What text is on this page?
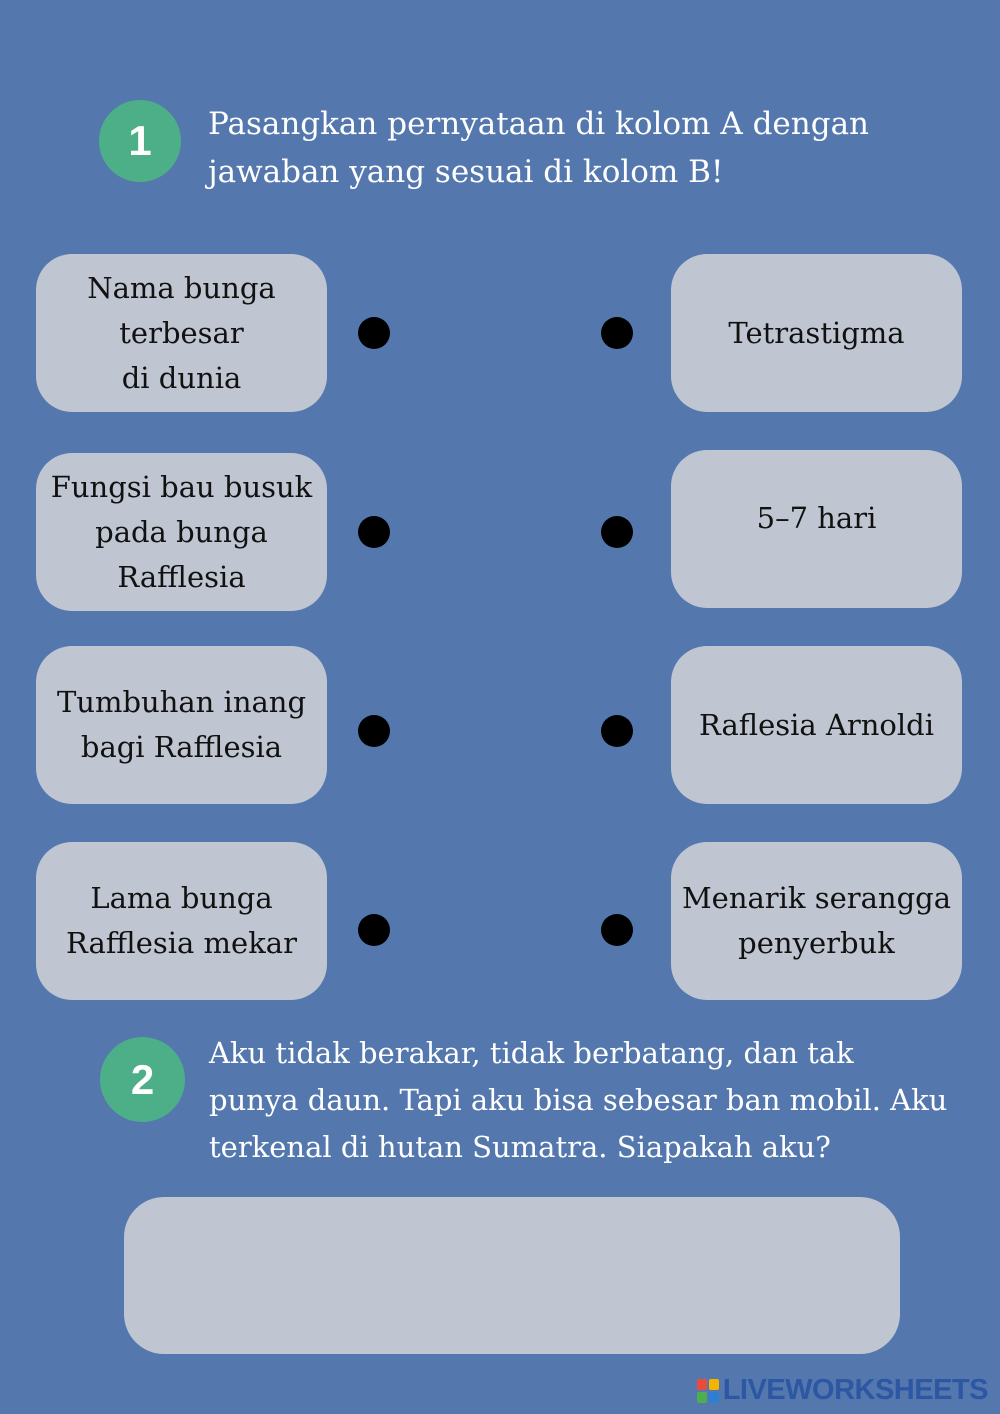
1 Pasangkan pernyataan di kolom A dengan
jawaban yang sesuai di kolom B!
Nama bunga
terbesar
di dunia
Fungsi bau busuk
pada bunga
Rafflesia
Tumbuhan inang
bagi Rafflesia
Lama bunga
Rafflesia mekar
Tetrastigma
5–7 hari
Raflesia Arnoldi
Menarik serangga
penyerbuk
2
Aku tidak berakar, tidak berbatang, dan tak
punya daun. Tapi aku bisa sebesar ban mobil. Aku
terkenal di hutan Sumatra. Siapakah aku?
LIVEWORKSHEETS
